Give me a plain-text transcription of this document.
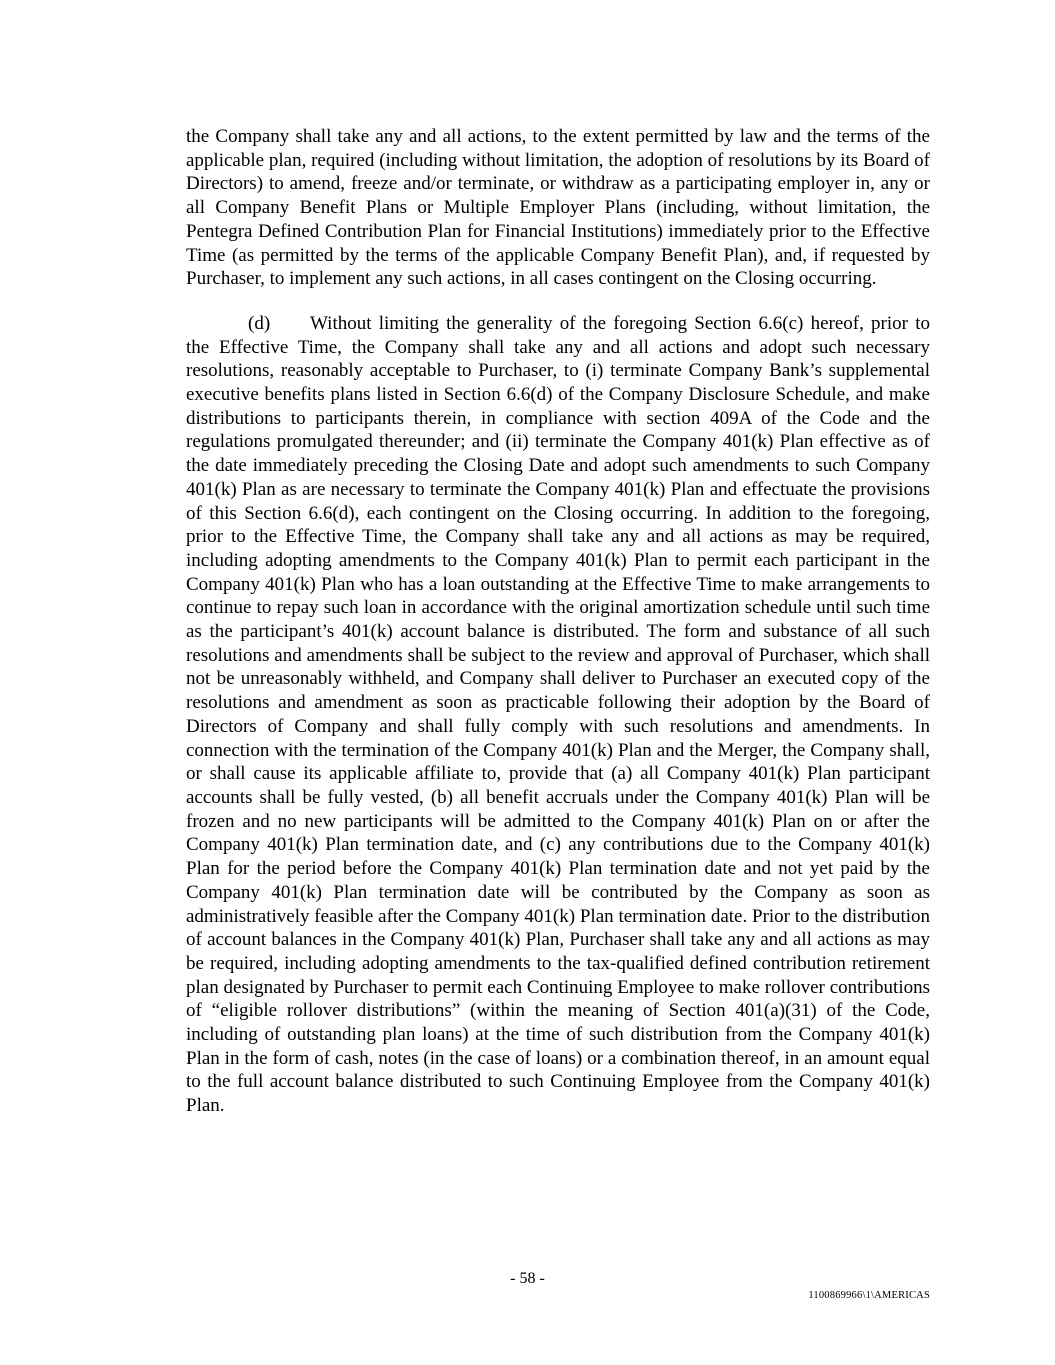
the Company shall take any and all actions, to the extent permitted by law and the terms of the applicable plan, required (including without limitation, the adoption of resolutions by its Board of Directors) to amend, freeze and/or terminate, or withdraw as a participating employer in, any or all Company Benefit Plans or Multiple Employer Plans (including, without limitation, the Pentegra Defined Contribution Plan for Financial Institutions) immediately prior to the Effective Time (as permitted by the terms of the applicable Company Benefit Plan), and, if requested by Purchaser, to implement any such actions, in all cases contingent on the Closing occurring.

(d) Without limiting the generality of the foregoing Section 6.6(c) hereof, prior to the Effective Time, the Company shall take any and all actions and adopt such necessary resolutions, reasonably acceptable to Purchaser, to (i) terminate Company Bank’s supplemental executive benefits plans listed in Section 6.6(d) of the Company Disclosure Schedule, and make distributions to participants therein, in compliance with section 409A of the Code and the regulations promulgated thereunder; and (ii) terminate the Company 401(k) Plan effective as of the date immediately preceding the Closing Date and adopt such amendments to such Company 401(k) Plan as are necessary to terminate the Company 401(k) Plan and effectuate the provisions of this Section 6.6(d), each contingent on the Closing occurring. In addition to the foregoing, prior to the Effective Time, the Company shall take any and all actions as may be required, including adopting amendments to the Company 401(k) Plan to permit each participant in the Company 401(k) Plan who has a loan outstanding at the Effective Time to make arrangements to continue to repay such loan in accordance with the original amortization schedule until such time as the participant’s 401(k) account balance is distributed. The form and substance of all such resolutions and amendments shall be subject to the review and approval of Purchaser, which shall not be unreasonably withheld, and Company shall deliver to Purchaser an executed copy of the resolutions and amendment as soon as practicable following their adoption by the Board of Directors of Company and shall fully comply with such resolutions and amendments. In connection with the termination of the Company 401(k) Plan and the Merger, the Company shall, or shall cause its applicable affiliate to, provide that (a) all Company 401(k) Plan participant accounts shall be fully vested, (b) all benefit accruals under the Company 401(k) Plan will be frozen and no new participants will be admitted to the Company 401(k) Plan on or after the Company 401(k) Plan termination date, and (c) any contributions due to the Company 401(k) Plan for the period before the Company 401(k) Plan termination date and not yet paid by the Company 401(k) Plan termination date will be contributed by the Company as soon as administratively feasible after the Company 401(k) Plan termination date. Prior to the distribution of account balances in the Company 401(k) Plan, Purchaser shall take any and all actions as may be required, including adopting amendments to the tax-qualified defined contribution retirement plan designated by Purchaser to permit each Continuing Employee to make rollover contributions of “eligible rollover distributions” (within the meaning of Section 401(a)(31) of the Code, including of outstanding plan loans) at the time of such distribution from the Company 401(k) Plan in the form of cash, notes (in the case of loans) or a combination thereof, in an amount equal to the full account balance distributed to such Continuing Employee from the Company 401(k) Plan.

- 58 -
1100869966\1\AMERICAS
